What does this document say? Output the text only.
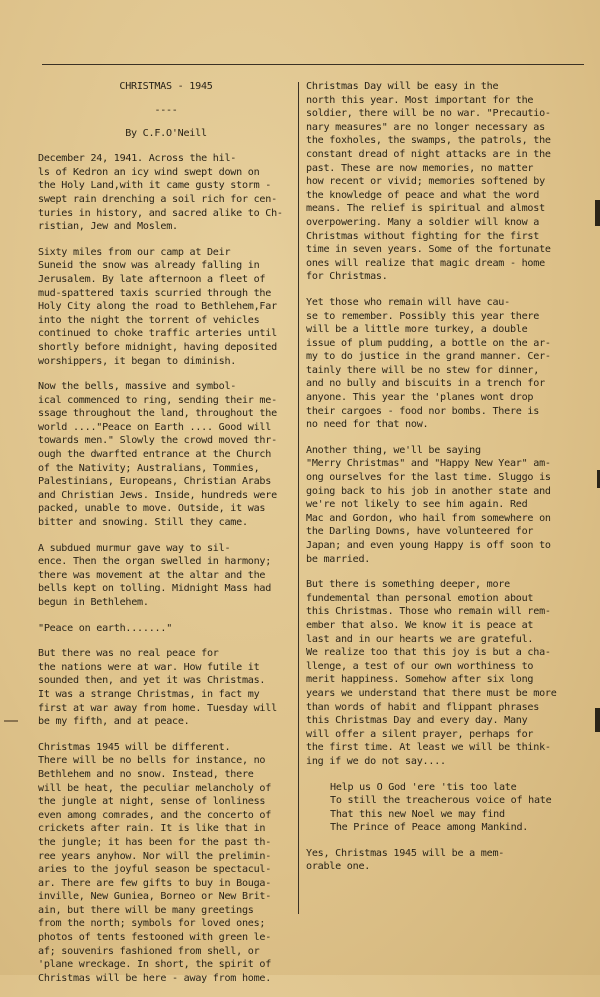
CHRISTMAS - 1945

----

By C.F.O'Neill

December 24, 1941. Across the hil-
ls of Kedron an icy wind swept down on
the Holy Land,with it came gusty storm -
swept rain drenching a soil rich for cen-
turies in history, and sacred alike to Ch-
ristian, Jew and Moslem.

Sixty miles from our camp at Deir
Suneid the snow was already falling in
Jerusalem. By late afternoon a fleet of
mud-spattered taxis scurried through the
Holy City along the road to Bethlehem,Far
into the night the torrent of vehicles
continued to choke traffic arteries until
shortly before midnight, having deposited
worshippers, it began to diminish.

Now the bells, massive and symbol-
ical commenced to ring, sending their me-
ssage throughout the land, throughout the
world ...."Peace on Earth .... Good will
towards men." Slowly the crowd moved thr-
ough the dwarfted entrance at the Church
of the Nativity; Australians, Tommies,
Palestinians, Europeans, Christian Arabs
and Christian Jews. Inside, hundreds were
packed, unable to move. Outside, it was
bitter and snowing. Still they came.

A subdued murmur gave way to sil-
ence. Then the organ swelled in harmony;
there was movement at the altar and the
bells kept on tolling. Midnight Mass had
begun in Bethlehem.

"Peace on earth......."

But there was no real peace for
the nations were at war. How futile it
sounded then, and yet it was Christmas.
It was a strange Christmas, in fact my
first at war away from home. Tuesday will
be my fifth, and at peace.

Christmas 1945 will be different.
There will be no bells for instance, no
Bethlehem and no snow. Instead, there
will be heat, the peculiar melancholy of
the jungle at night, sense of lonliness
even among comrades, and the concerto of
crickets after rain. It is like that in
the jungle; it has been for the past th-
ree years anyhow. Nor will the prelimin-
aries to the joyful season be spectacul-
ar. There are few gifts to buy in Bouga-
inville, New Guniea, Borneo or New Brit-
ain, but there will be many greetings
from the north; symbols for loved ones;
photos of tents festooned with green le-
af; souvenirs fashioned from shell, or
'plane wreckage. In short, the spirit of
Christmas will be here - away from home.

Christmas Day will be easy in the
north this year. Most important for the
soldier, there will be no war. "Precautio-
nary measures" are no longer necessary as
the foxholes, the swamps, the patrols, the
constant dread of night attacks are in the
past. These are now memories, no matter
how recent or vivid; memories softened by
the knowledge of peace and what the word
means. The relief is spiritual and almost
overpowering. Many a soldier will know a
Christmas without fighting for the first
time in seven years. Some of the fortunate
ones will realize that magic dream - home
for Christmas.

Yet those who remain will have cau-
se to remember. Possibly this year there
will be a little more turkey, a double
issue of plum pudding, a bottle on the ar-
my to do justice in the grand manner. Cer-
tainly there will be no stew for dinner,
and no bully and biscuits in a trench for
anyone. This year the 'planes wont drop
their cargoes - food nor bombs. There is
no need for that now.

Another thing, we'll be saying
"Merry Christmas" and "Happy New Year" am-
ong ourselves for the last time. Sluggo is
going back to his job in another state and
we're not likely to see him again. Red
Mac and Gordon, who hail from somewhere on
the Darling Downs, have volunteered for
Japan; and even young Happy is off soon to
be married.

But there is something deeper, more
fundemental than personal emotion about
this Christmas. Those who remain will rem-
ember that also. We know it is peace at
last and in our hearts we are grateful.
We realize too that this joy is but a cha-
llenge, a test of our own worthiness to
merit happiness. Somehow after six long
years we understand that there must be more
than words of habit and flippant phrases
this Christmas Day and every day. Many
will offer a silent prayer, perhaps for
the first time. At least we will be think-
ing if we do not say....

Help us O God 'ere 'tis too late
To still the treacherous voice of hate
That this new Noel we may find
The Prince of Peace among Mankind.

Yes, Christmas 1945 will be a mem-
orable one.
